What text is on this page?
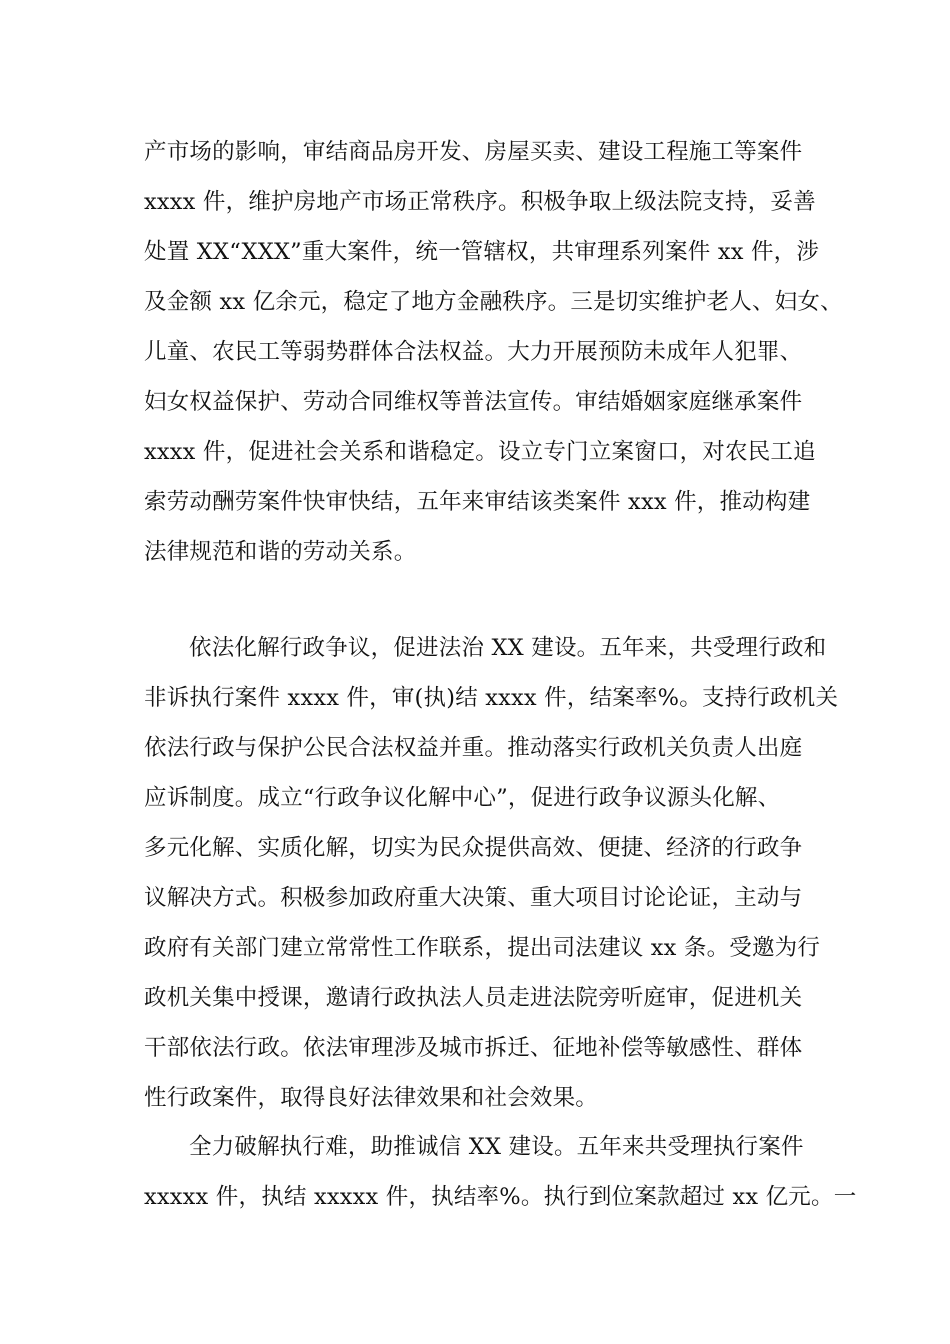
产市场的影响，审结商品房开发、房屋买卖、建设工程施工等案件
xxxx 件，维护房地产市场正常秩序。积极争取上级法院支持，妥善
处置 XX“XXX”重大案件，统一管辖权，共审理系列案件 xx 件，涉
及金额 xx 亿余元，稳定了地方金融秩序。三是切实维护老人、妇女、
儿童、农民工等弱势群体合法权益。大力开展预防未成年人犯罪、
妇女权益保护、劳动合同维权等普法宣传。审结婚姻家庭继承案件
xxxx 件，促进社会关系和谐稳定。设立专门立案窗口，对农民工追
索劳动酬劳案件快审快结，五年来审结该类案件 xxx 件，推动构建
法律规范和谐的劳动关系。
依法化解行政争议，促进法治 XX 建设。五年来，共受理行政和
非诉执行案件 xxxx 件，审(执)结 xxxx 件，结案率%。支持行政机关
依法行政与保护公民合法权益并重。推动落实行政机关负责人出庭
应诉制度。成立“行政争议化解中心”，促进行政争议源头化解、
多元化解、实质化解，切实为民众提供高效、便捷、经济的行政争
议解决方式。积极参加政府重大决策、重大项目讨论论证，主动与
政府有关部门建立常常性工作联系，提出司法建议 xx 条。受邀为行
政机关集中授课，邀请行政执法人员走进法院旁听庭审，促进机关
干部依法行政。依法审理涉及城市拆迁、征地补偿等敏感性、群体
性行政案件，取得良好法律效果和社会效果。
全力破解执行难，助推诚信 XX 建设。五年来共受理执行案件
xxxxx 件，执结 xxxxx 件，执结率%。执行到位案款超过 xx 亿元。一
